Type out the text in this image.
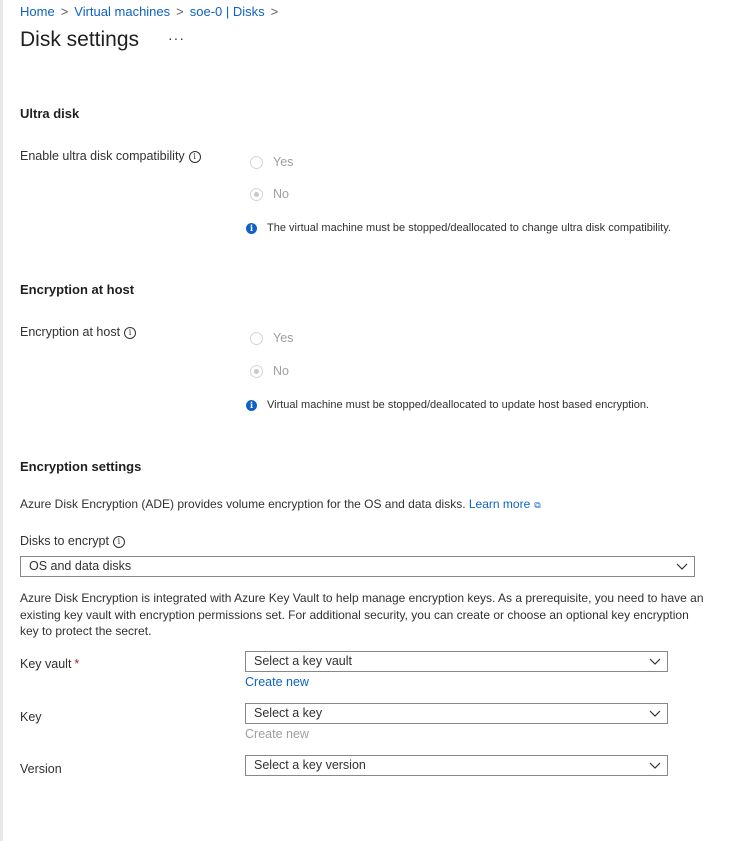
Home > Virtual machines > soe-0 | Disks >
Disk settings ···
Ultra disk
Enable ultra disk compatibility i	Yes
No
i	The virtual machine must be stopped/deallocated to change ultra disk compatibility.
Encryption at host
Encryption at host i	Yes
No
i	Virtual machine must be stopped/deallocated to update host based encryption.
Encryption settings
Azure Disk Encryption (ADE) provides volume encryption for the OS and data disks. Learn more ⧉
Disks to encrypt i
OS and data disks
Azure Disk Encryption is integrated with Azure Key Vault to help manage encryption keys. As a prerequisite, you need to have an existing key vault with encryption permissions set. For additional security, you can create or choose an optional key encryption key to protect the secret.
Key vault *	Select a key vault
Create new
Key	Select a key
Create new
Version	Select a key version
